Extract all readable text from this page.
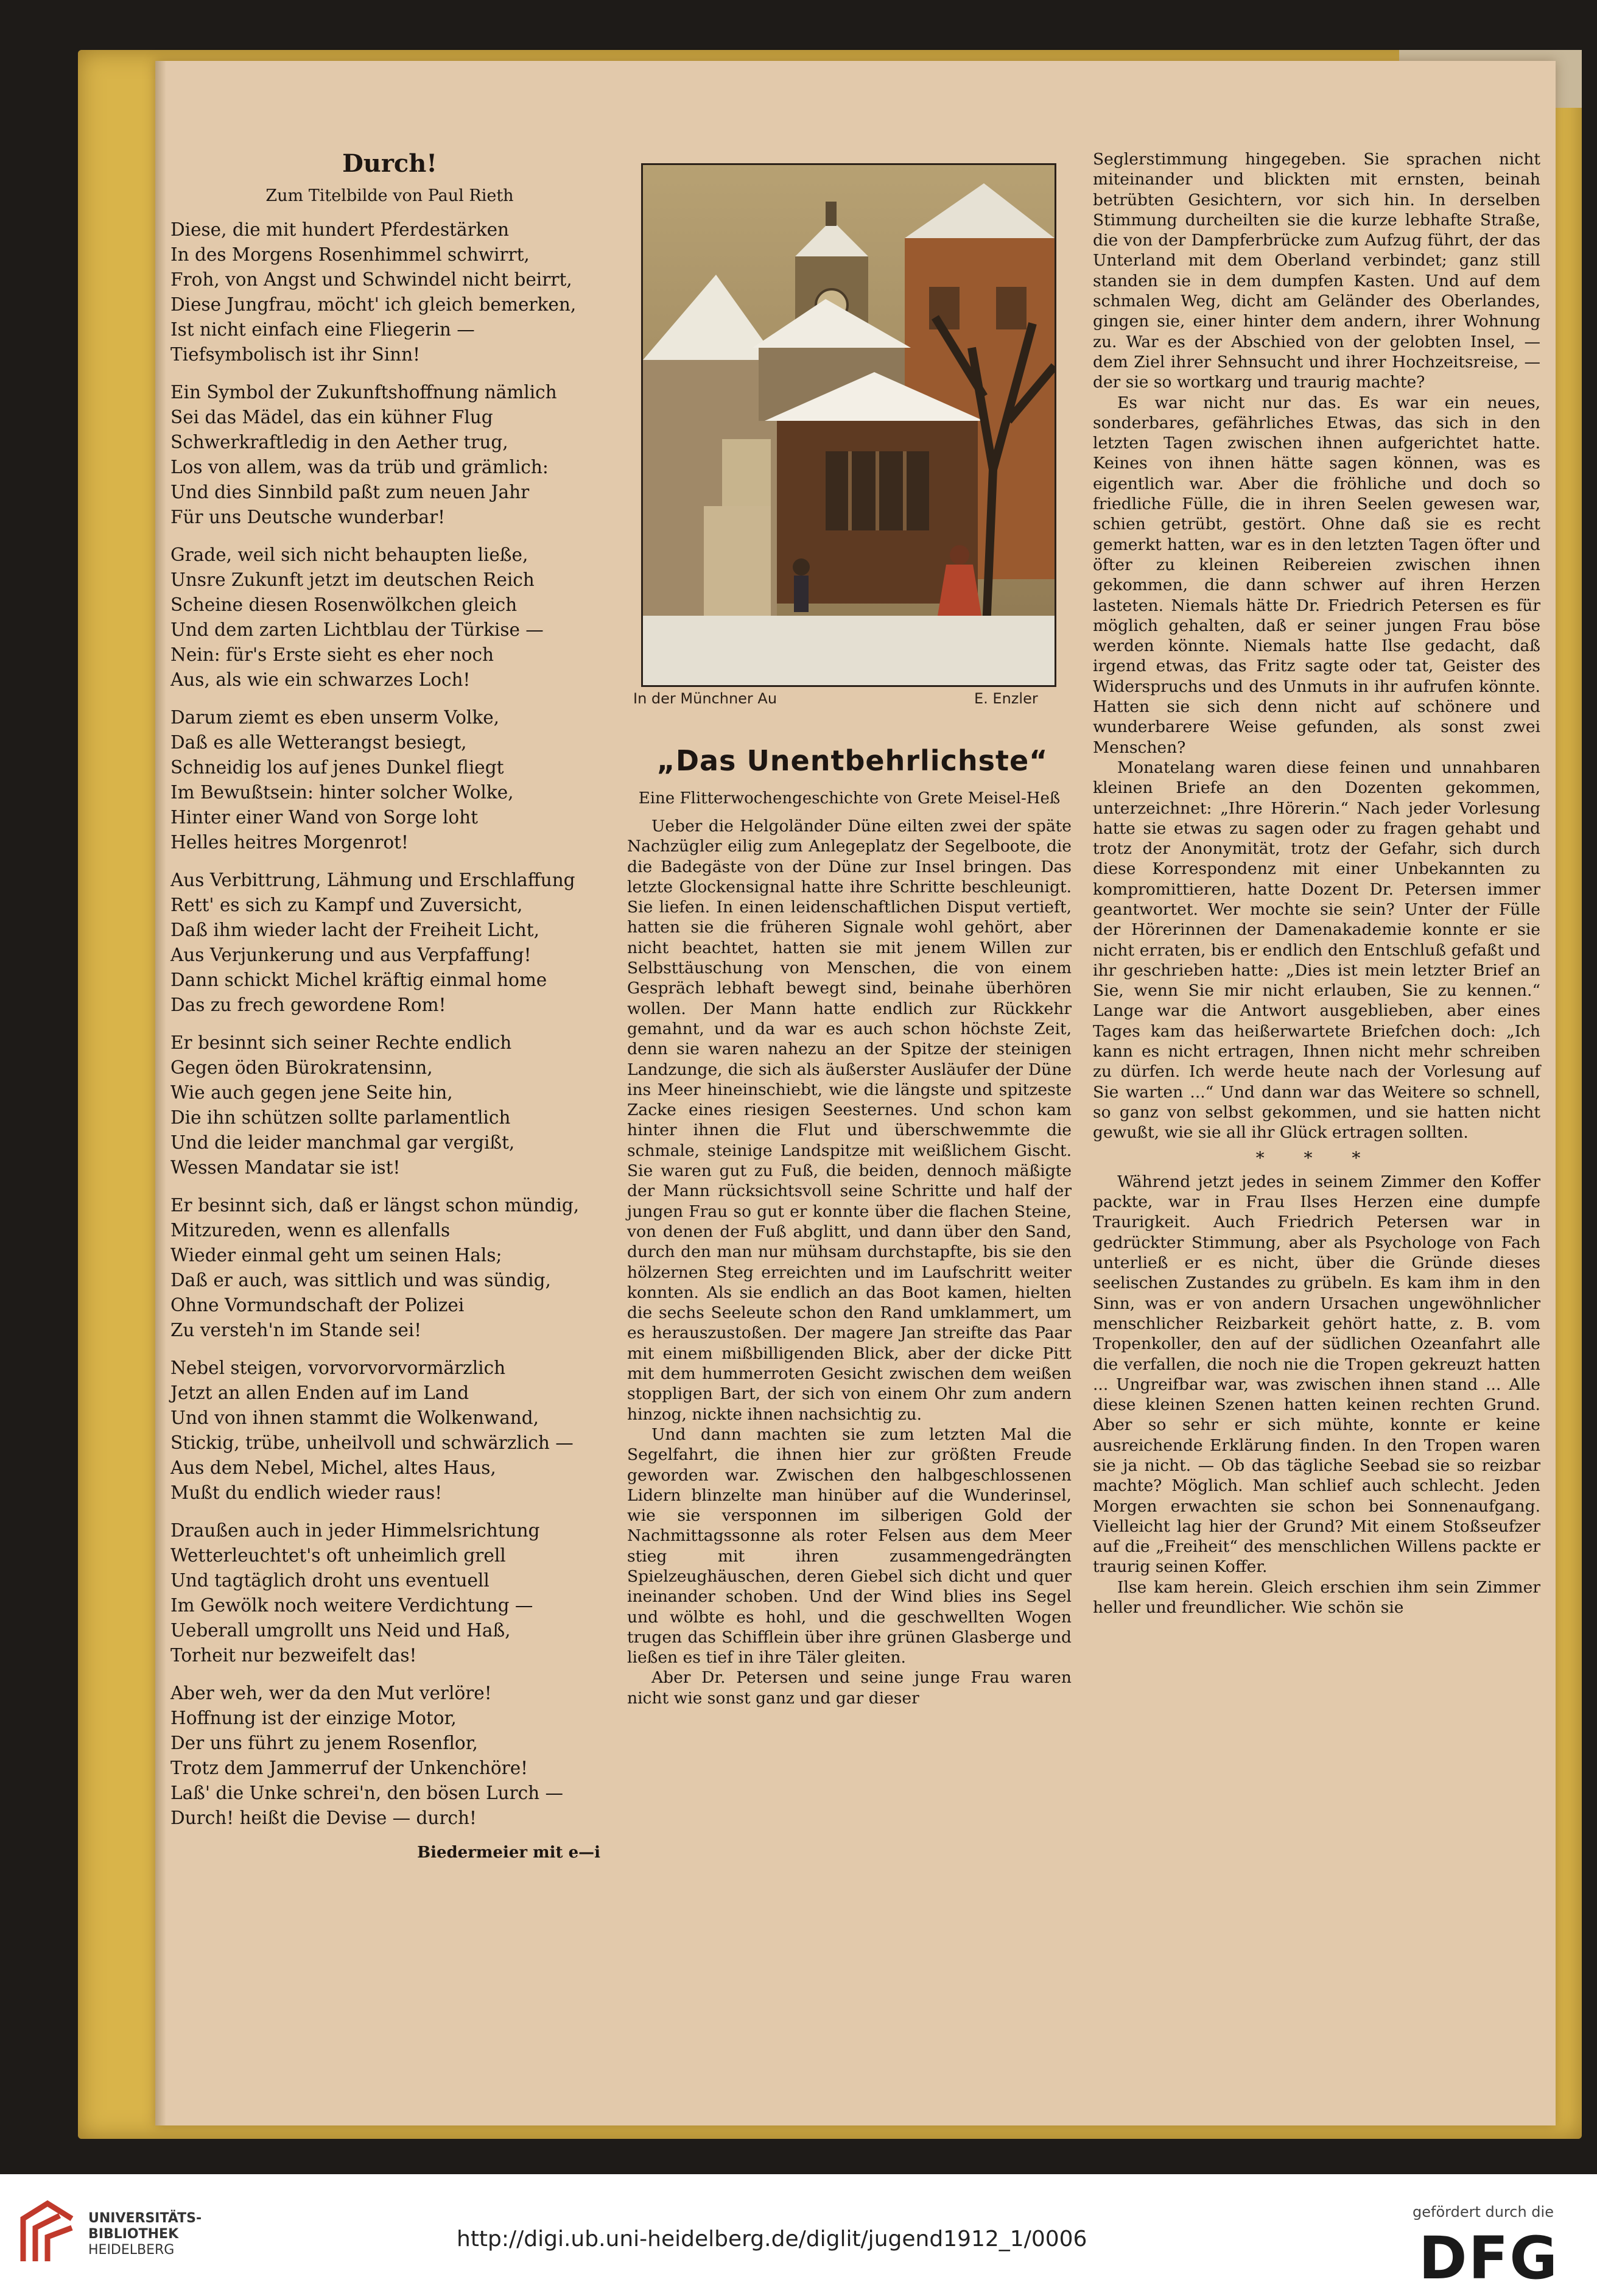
Durch!
Zum Titelbilde von Paul Rieth
Diese, die mit hundert Pferdestärken
In des Morgens Rosenhimmel schwirrt,
Froh, von Angst und Schwindel nicht beirrt,
Diese Jungfrau, möcht' ich gleich bemerken,
Ist nicht einfach eine Fliegerin —
Tiefsymbolisch ist ihr Sinn!
Ein Symbol der Zukunftshoffnung nämlich
Sei das Mädel, das ein kühner Flug
Schwerkraftledig in den Aether trug,
Los von allem, was da trüb und grämlich:
Und dies Sinnbild paßt zum neuen Jahr
Für uns Deutsche wunderbar!
Grade, weil sich nicht behaupten ließe,
Unsre Zukunft jetzt im deutschen Reich
Scheine diesen Rosenwölkchen gleich
Und dem zarten Lichtblau der Türkise —
Nein: für's Erste sieht es eher noch
Aus, als wie ein schwarzes Loch!
Darum ziemt es eben unserm Volke,
Daß es alle Wetterangst besiegt,
Schneidig los auf jenes Dunkel fliegt
Im Bewußtsein: hinter solcher Wolke,
Hinter einer Wand von Sorge loht
Helles heitres Morgenrot!
Aus Verbittrung, Lähmung und Erschlaffung
Rett' es sich zu Kampf und Zuversicht,
Daß ihm wieder lacht der Freiheit Licht,
Aus Verjunkerung und aus Verpfaffung!
Dann schickt Michel kräftig einmal home
Das zu frech gewordene Rom!
Er besinnt sich seiner Rechte endlich
Gegen öden Bürokratensinn,
Wie auch gegen jene Seite hin,
Die ihn schützen sollte parlamentlich
Und die leider manchmal gar vergißt,
Wessen Mandatar sie ist!
Er besinnt sich, daß er längst schon mündig,
Mitzureden, wenn es allenfalls
Wieder einmal geht um seinen Hals;
Daß er auch, was sittlich und was sündig,
Ohne Vormundschaft der Polizei
Zu versteh'n im Stande sei!
Nebel steigen, vorvorvorvormärzlich
Jetzt an allen Enden auf im Land
Und von ihnen stammt die Wolkenwand,
Stickig, trübe, unheilvoll und schwärzlich —
Aus dem Nebel, Michel, altes Haus,
Mußt du endlich wieder raus!
Draußen auch in jeder Himmelsrichtung
Wetterleuchtet's oft unheimlich grell
Und tagtäglich droht uns eventuell
Im Gewölk noch weitere Verdichtung —
Ueberall umgrollt uns Neid und Haß,
Torheit nur bezweifelt das!
Aber weh, wer da den Mut verlöre!
Hoffnung ist der einzige Motor,
Der uns führt zu jenem Rosenflor,
Trotz dem Jammerruf der Unkenchöre!
Laß' die Unke schrei'n, den bösen Lurch —
Durch! heißt die Devise — durch!
Biedermeier mit e—i
In der Münchner Au	E. Enzler
„Das Unentbehrlichste“
Eine Flitterwochengeschichte von Grete Meisel-Heß

Ueber die Helgoländer Düne eilten zwei der späte Nachzügler eilig zum Anlegeplatz der Segelboote, die die Badegäste von der Düne zur Insel bringen. Das letzte Glockensignal hatte ihre Schritte beschleunigt. Sie liefen. In einen leidenschaftlichen Disput vertieft, hatten sie die früheren Signale wohl gehört, aber nicht beachtet, hatten sie mit jenem Willen zur Selbsttäuschung von Menschen, die von einem Gespräch lebhaft bewegt sind, beinahe überhören wollen. Der Mann hatte endlich zur Rückkehr gemahnt, und da war es auch schon höchste Zeit, denn sie waren nahezu an der Spitze der steinigen Landzunge, die sich als äußerster Ausläufer der Düne ins Meer hineinschiebt, wie die längste und spitzeste Zacke eines riesigen Seesternes. Und schon kam hinter ihnen die Flut und überschwemmte die schmale, steinige Landspitze mit weißlichem Gischt. Sie waren gut zu Fuß, die beiden, dennoch mäßigte der Mann rücksichtsvoll seine Schritte und half der jungen Frau so gut er konnte über die flachen Steine, von denen der Fuß abglitt, und dann über den Sand, durch den man nur mühsam durchstapfte, bis sie den hölzernen Steg erreichten und im Laufschritt weiter konnten. Als sie endlich an das Boot kamen, hielten die sechs Seeleute schon den Rand umklammert, um es herauszustoßen. Der magere Jan streifte das Paar mit einem mißbilligenden Blick, aber der dicke Pitt mit dem hummerroten Gesicht zwischen dem weißen stoppligen Bart, der sich von einem Ohr zum andern hinzog, nickte ihnen nachsichtig zu.

Und dann machten sie zum letzten Mal die Segelfahrt, die ihnen hier zur größten Freude geworden war. Zwischen den halbgeschlossenen Lidern blinzelte man hinüber auf die Wunderinsel, wie sie versponnen im silberigen Gold der Nachmittagssonne als roter Felsen aus dem Meer stieg mit ihren zusammengedrängten Spielzeughäuschen, deren Giebel sich dicht und quer ineinander schoben. Und der Wind blies ins Segel und wölbte es hohl, und die geschwellten Wogen trugen das Schifflein über ihre grünen Glasberge und ließen es tief in ihre Täler gleiten.

Aber Dr. Petersen und seine junge Frau waren nicht wie sonst ganz und gar dieser

Seglerstimmung hingegeben. Sie sprachen nicht miteinander und blickten mit ernsten, beinah betrübten Gesichtern, vor sich hin. In derselben Stimmung durcheilten sie die kurze lebhafte Straße, die von der Dampferbrücke zum Aufzug führt, der das Unterland mit dem Oberland verbindet; ganz still standen sie in dem dumpfen Kasten. Und auf dem schmalen Weg, dicht am Geländer des Oberlandes, gingen sie, einer hinter dem andern, ihrer Wohnung zu. War es der Abschied von der gelobten Insel, — dem Ziel ihrer Sehnsucht und ihrer Hochzeitsreise, — der sie so wortkarg und traurig machte?

Es war nicht nur das. Es war ein neues, sonderbares, gefährliches Etwas, das sich in den letzten Tagen zwischen ihnen aufgerichtet hatte. Keines von ihnen hätte sagen können, was es eigentlich war. Aber die fröhliche und doch so friedliche Fülle, die in ihren Seelen gewesen war, schien getrübt, gestört. Ohne daß sie es recht gemerkt hatten, war es in den letzten Tagen öfter und öfter zu kleinen Reibereien zwischen ihnen gekommen, die dann schwer auf ihren Herzen lasteten. Niemals hätte Dr. Friedrich Petersen es für möglich gehalten, daß er seiner jungen Frau böse werden könnte. Niemals hatte Ilse gedacht, daß irgend etwas, das Fritz sagte oder tat, Geister des Widerspruchs und des Unmuts in ihr aufrufen könnte. Hatten sie sich denn nicht auf schönere und wunderbarere Weise gefunden, als sonst zwei Menschen?

Monatelang waren diese feinen und unnahbaren kleinen Briefe an den Dozenten gekommen, unterzeichnet: „Ihre Hörerin.“ Nach jeder Vorlesung hatte sie etwas zu sagen oder zu fragen gehabt und trotz der Anonymität, trotz der Gefahr, sich durch diese Korrespondenz mit einer Unbekannten zu kompromittieren, hatte Dozent Dr. Petersen immer geantwortet. Wer mochte sie sein? Unter der Fülle der Hörerinnen der Damenakademie konnte er sie nicht erraten, bis er endlich den Entschluß gefaßt und ihr geschrieben hatte: „Dies ist mein letzter Brief an Sie, wenn Sie mir nicht erlauben, Sie zu kennen.“ Lange war die Antwort ausgeblieben, aber eines Tages kam das heißerwartete Briefchen doch: „Ich kann es nicht ertragen, Ihnen nicht mehr schreiben zu dürfen. Ich werde heute nach der Vorlesung auf Sie warten ...“ Und dann war das Weitere so schnell, so ganz von selbst gekommen, und sie hatten nicht gewußt, wie sie all ihr Glück ertragen sollten.

* * *

Während jetzt jedes in seinem Zimmer den Koffer packte, war in Frau Ilses Herzen eine dumpfe Traurigkeit. Auch Friedrich Petersen war in gedrückter Stimmung, aber als Psychologe von Fach unterließ er es nicht, über die Gründe dieses seelischen Zustandes zu grübeln. Es kam ihm in den Sinn, was er von andern Ursachen ungewöhnlicher menschlicher Reizbarkeit gehört hatte, z. B. vom Tropenkoller, den auf der südlichen Ozeanfahrt alle die verfallen, die noch nie die Tropen gekreuzt hatten ... Ungreifbar war, was zwischen ihnen stand ... Alle diese kleinen Szenen hatten keinen rechten Grund. Aber so sehr er sich mühte, konnte er keine ausreichende Erklärung finden. In den Tropen waren sie ja nicht. — Ob das tägliche Seebad sie so reizbar machte? Möglich. Man schlief auch schlecht. Jeden Morgen erwachten sie schon bei Sonnenaufgang. Vielleicht lag hier der Grund? Mit einem Stoßseufzer auf die „Freiheit“ des menschlichen Willens packte er traurig seinen Koffer.

Ilse kam herein. Gleich erschien ihm sein Zimmer heller und freundlicher. Wie schön sie

UNIVERSITÄTS-
BIBLIOTHEK
HEIDELBERG	http://digi.ub.uni-heidelberg.de/diglit/jugend1912_1/0006
gefördert durch die
DFG
